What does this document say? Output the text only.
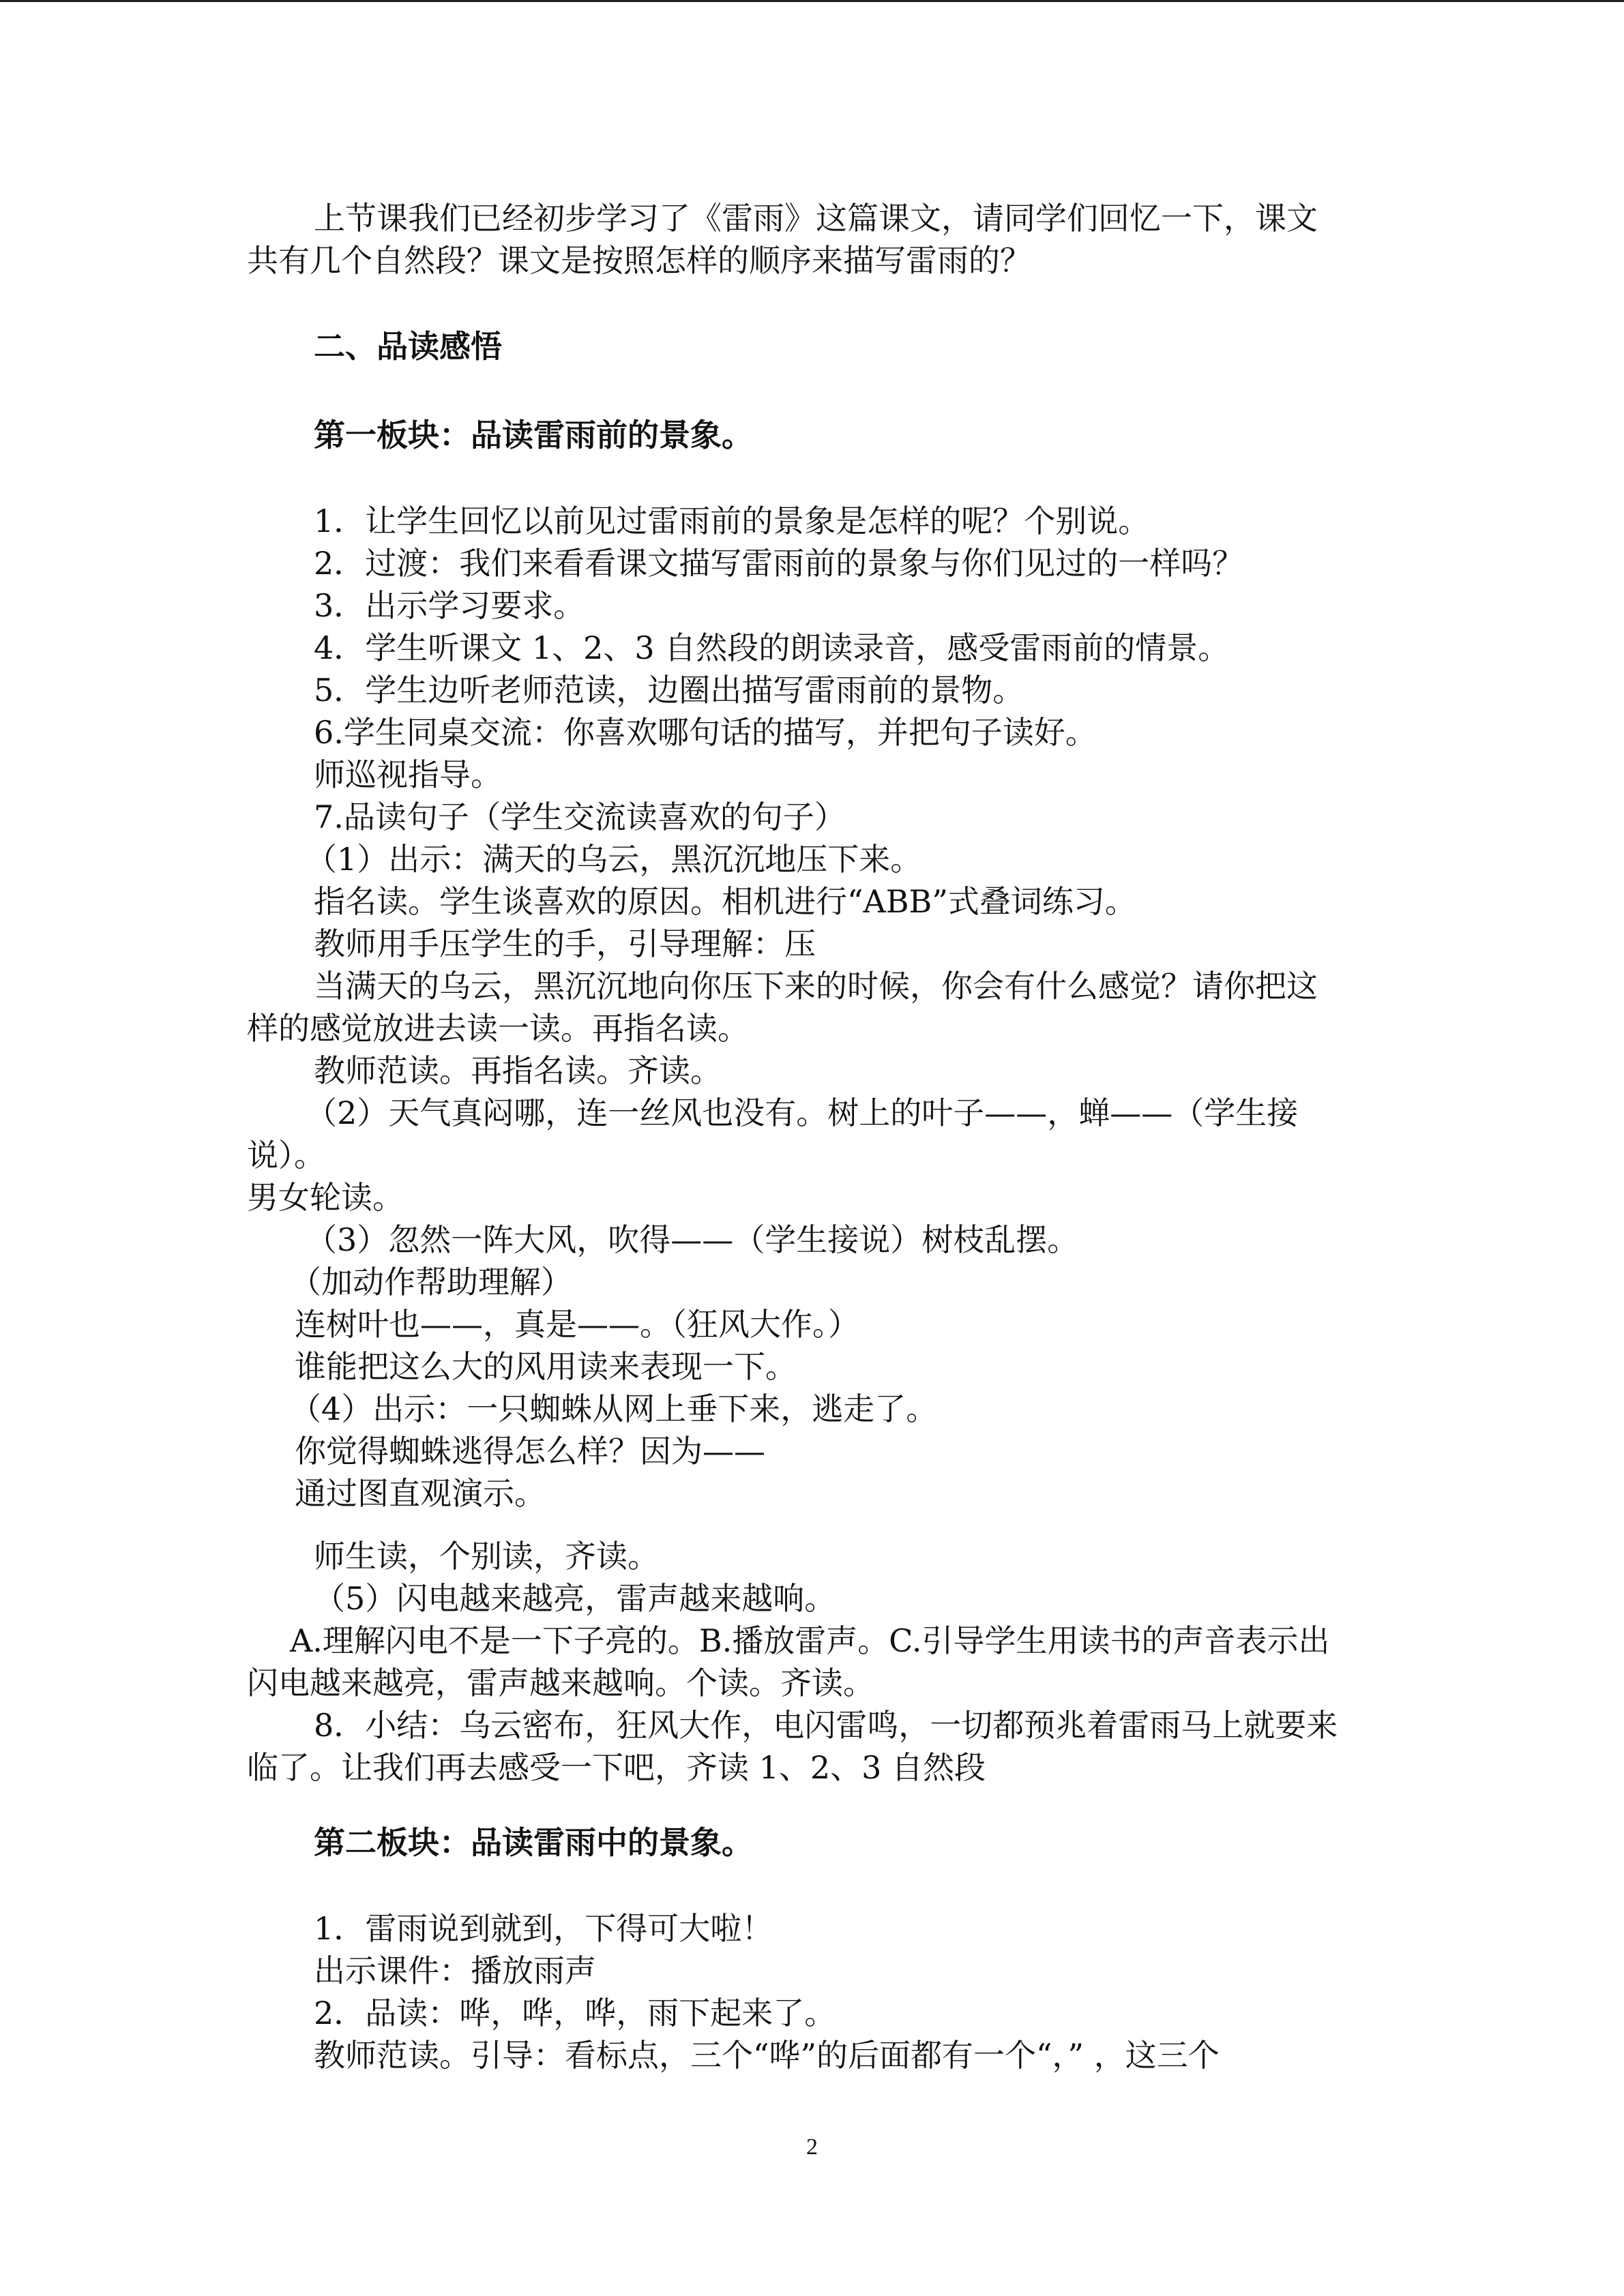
上节课我们已经初步学习了《雷雨》这篇课文，请同学们回忆一下，课文
共有几个自然段？课文是按照怎样的顺序来描写雷雨的？
二、品读感悟
第一板块：品读雷雨前的景象。
1．让学生回忆以前见过雷雨前的景象是怎样的呢？个别说。
2．过渡：我们来看看课文描写雷雨前的景象与你们见过的一样吗？
3．出示学习要求。
4．学生听课文 1、2、3 自然段的朗读录音，感受雷雨前的情景。
5．学生边听老师范读，边圈出描写雷雨前的景物。
6.学生同桌交流：你喜欢哪句话的描写，并把句子读好。
师巡视指导。
7.品读句子（学生交流读喜欢的句子）
（1）出示：满天的乌云，黑沉沉地压下来。
指名读。学生谈喜欢的原因。相机进行“ABB”式叠词练习。
教师用手压学生的手，引导理解：压
当满天的乌云，黑沉沉地向你压下来的时候，你会有什么感觉？请你把这
样的感觉放进去读一读。再指名读。
教师范读。再指名读。齐读。
（2）天气真闷哪，连一丝风也没有。树上的叶子——，蝉——（学生接
说）。
男女轮读。
（3）忽然一阵大风，吹得——（学生接说）树枝乱摆。
（加动作帮助理解）
连树叶也——，真是——。（狂风大作。）
谁能把这么大的风用读来表现一下。
（4）出示：一只蜘蛛从网上垂下来，逃走了。
你觉得蜘蛛逃得怎么样？因为——
通过图直观演示。
师生读，个别读，齐读。
（5）闪电越来越亮，雷声越来越响。
A.理解闪电不是一下子亮的。B.播放雷声。C.引导学生用读书的声音表示出
闪电越来越亮，雷声越来越响。个读。齐读。
8．小结：乌云密布，狂风大作，电闪雷鸣，一切都预兆着雷雨马上就要来
临了。让我们再去感受一下吧，齐读 1、2、3 自然段
第二板块：品读雷雨中的景象。
1．雷雨说到就到，下得可大啦！
出示课件：播放雨声
2．品读：哗，哗，哗，雨下起来了。
教师范读。引导：看标点，三个“哗”的后面都有一个“，” ，这三个
2
